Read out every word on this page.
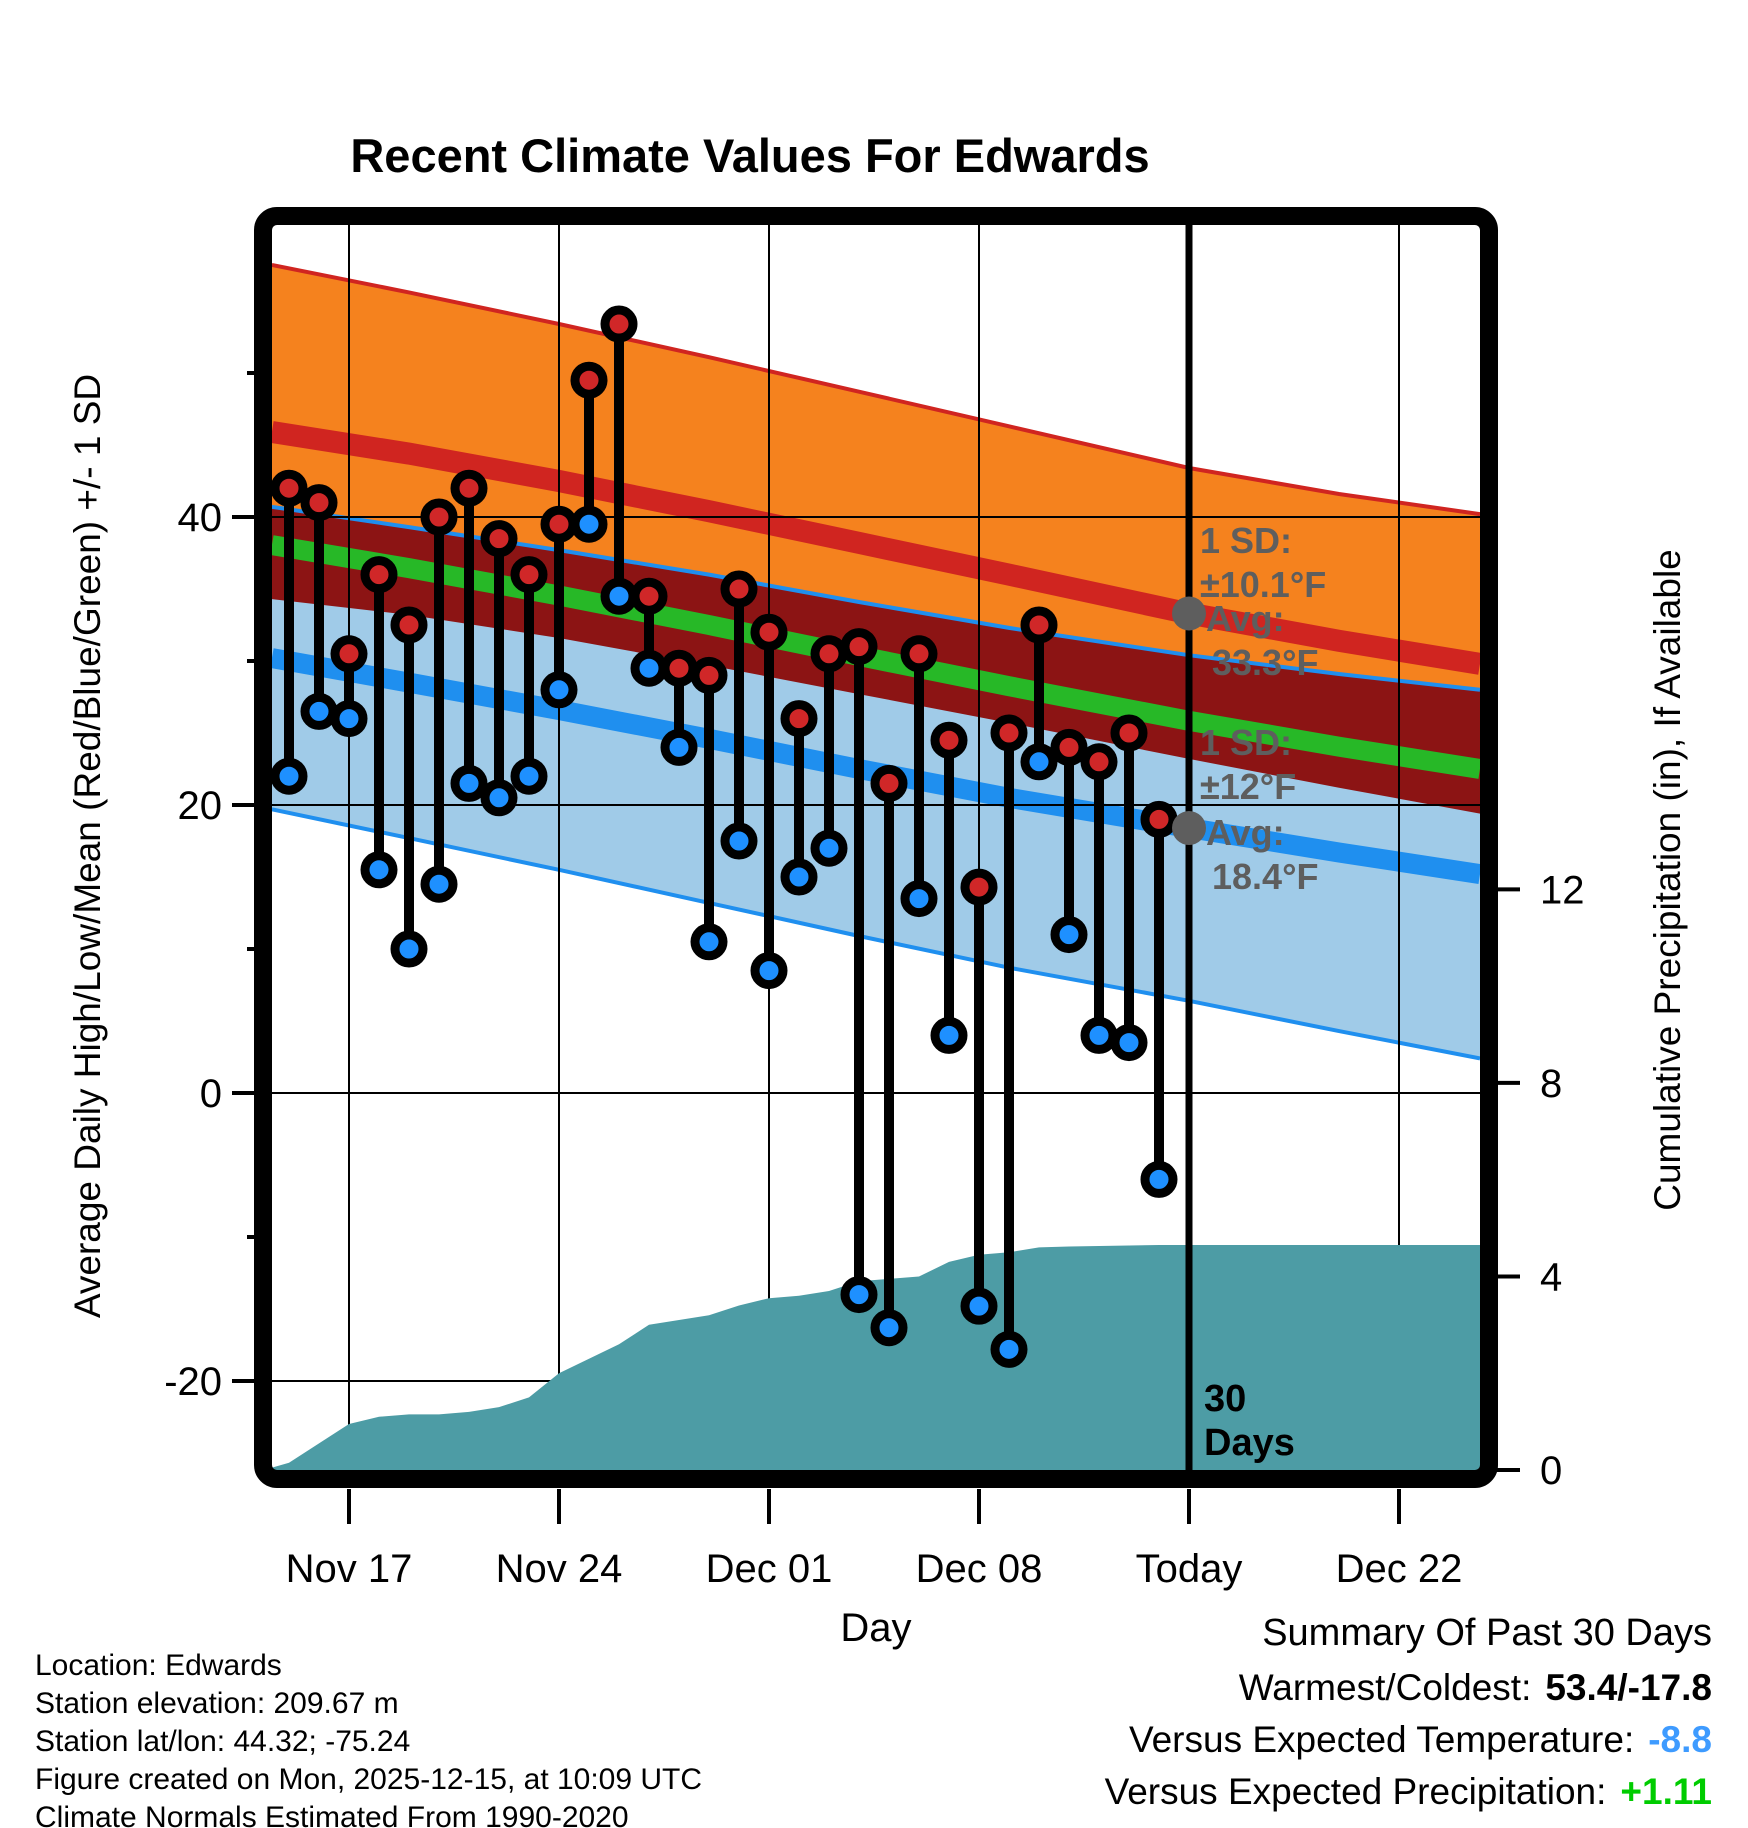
40
20
0
-20
12
8
4
0
Nov 17 Nov 24 Dec 01 Dec 08 Today Dec 22
Recent Climate Values For Edwards
Average Daily High/Low/Mean (Red/Blue/Green) +/- 1 SD	Cumulative Precipitation (in), If Available
Day
1 SD:
±10.1°F
Avg:
33.3°F
1 SD:
±12°F
Avg:
18.4°F
30
Days
Location: Edwards
Station elevation: 209.67 m
Station lat/lon: 44.32; -75.24
Figure created on Mon, 2025-12-15, at 10:09 UTC
Climate Normals Estimated From 1990-2020
Summary Of Past 30 Days
Warmest/Coldest: 53.4/-17.8
Versus Expected Temperature: -8.8
Versus Expected Precipitation: +1.11
